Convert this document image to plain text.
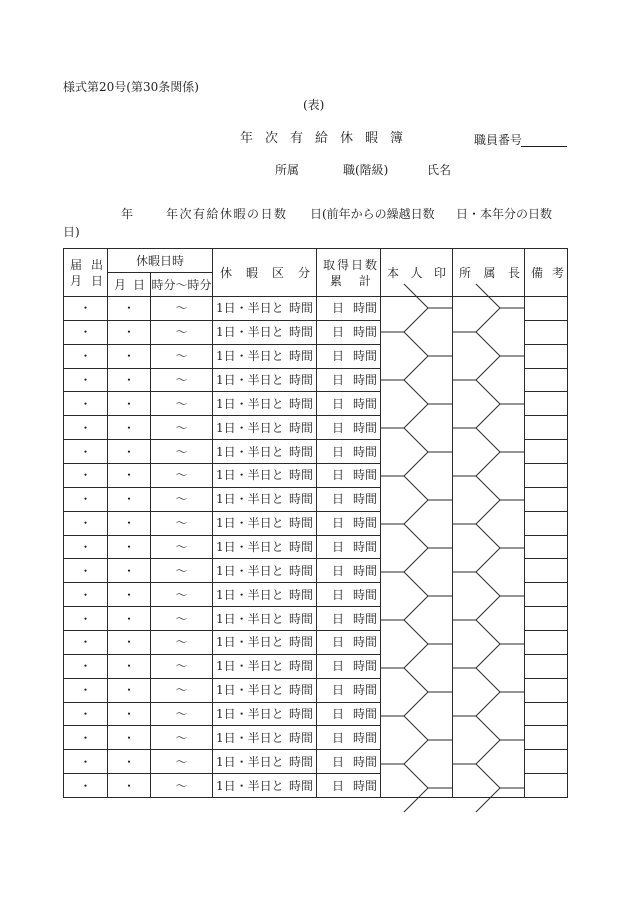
様式第20号(第30条関係)
(表)
年次有給休暇簿	職員番号
所属	職(階級)	氏名
年	年次有給休暇の日数 日(前年からの繰越日数 日・本年分の日数
日)
届出
月日	休暇日時		休暇区分	取得日数
累計	本人印	所属長	備考

	月日	時分〜時分					

・	・	〜	1日・半日と 時間	日 時間			

・	・	〜	1日・半日と 時間	日 時間			

・	・	〜	1日・半日と 時間	日 時間			

・	・	〜	1日・半日と 時間	日 時間			

・	・	〜	1日・半日と 時間	日 時間			

・	・	〜	1日・半日と 時間	日 時間			

・	・	〜	1日・半日と 時間	日 時間			

・	・	〜	1日・半日と 時間	日 時間			

・	・	〜	1日・半日と 時間	日 時間			

・	・	〜	1日・半日と 時間	日 時間			

・	・	〜	1日・半日と 時間	日 時間			

・	・	〜	1日・半日と 時間	日 時間			

・	・	〜	1日・半日と 時間	日 時間			

・	・	〜	1日・半日と 時間	日 時間			

・	・	〜	1日・半日と 時間	日 時間			

・	・	〜	1日・半日と 時間	日 時間			

・	・	〜	1日・半日と 時間	日 時間			

・	・	〜	1日・半日と 時間	日 時間			

・	・	〜	1日・半日と 時間	日 時間			

・	・	〜	1日・半日と 時間	日 時間			

・	・	〜	1日・半日と 時間	日 時間			
